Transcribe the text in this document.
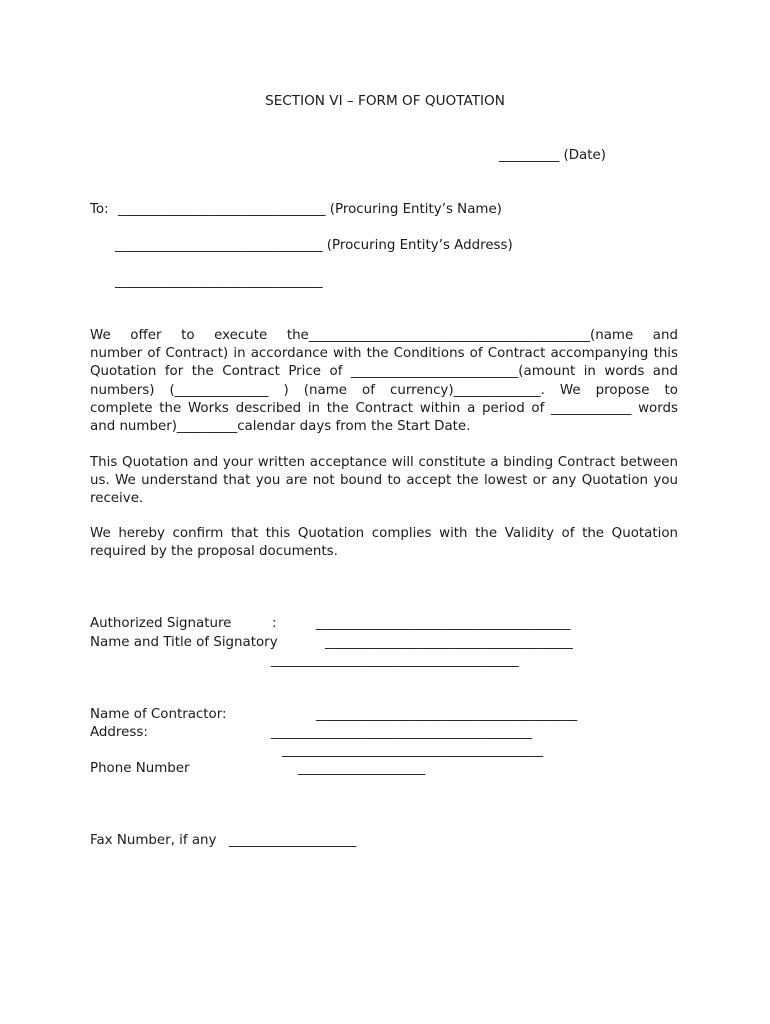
SECTION VI – FORM OF QUOTATION
_________ (Date)
To: _______________________________ (Procuring Entity’s Name)
_______________________________ (Procuring Entity’s Address)
_______________________________
We offer to execute the__________________________________________(name and
number of Contract) in accordance with the Conditions of Contract accompanying this
Quotation for the Contract Price of _________________________(amount in words and
numbers) (______________ ) (name of currency)_____________. We propose to
complete the Works described in the Contract within a period of ____________ words
and number)_________calendar days from the Start Date.
This Quotation and your written acceptance will constitute a binding Contract between
us. We understand that you are not bound to accept the lowest or any Quotation you
receive.
We hereby confirm that this Quotation complies with the Validity of the Quotation
required by the proposal documents.
Authorized Signature	:	______________________________________
Name and Title of Signatory	_____________________________________
_____________________________________
Name of Contractor:	_______________________________________
Address:	_______________________________________
_______________________________________
Phone Number	___________________
Fax Number, if any ___________________
